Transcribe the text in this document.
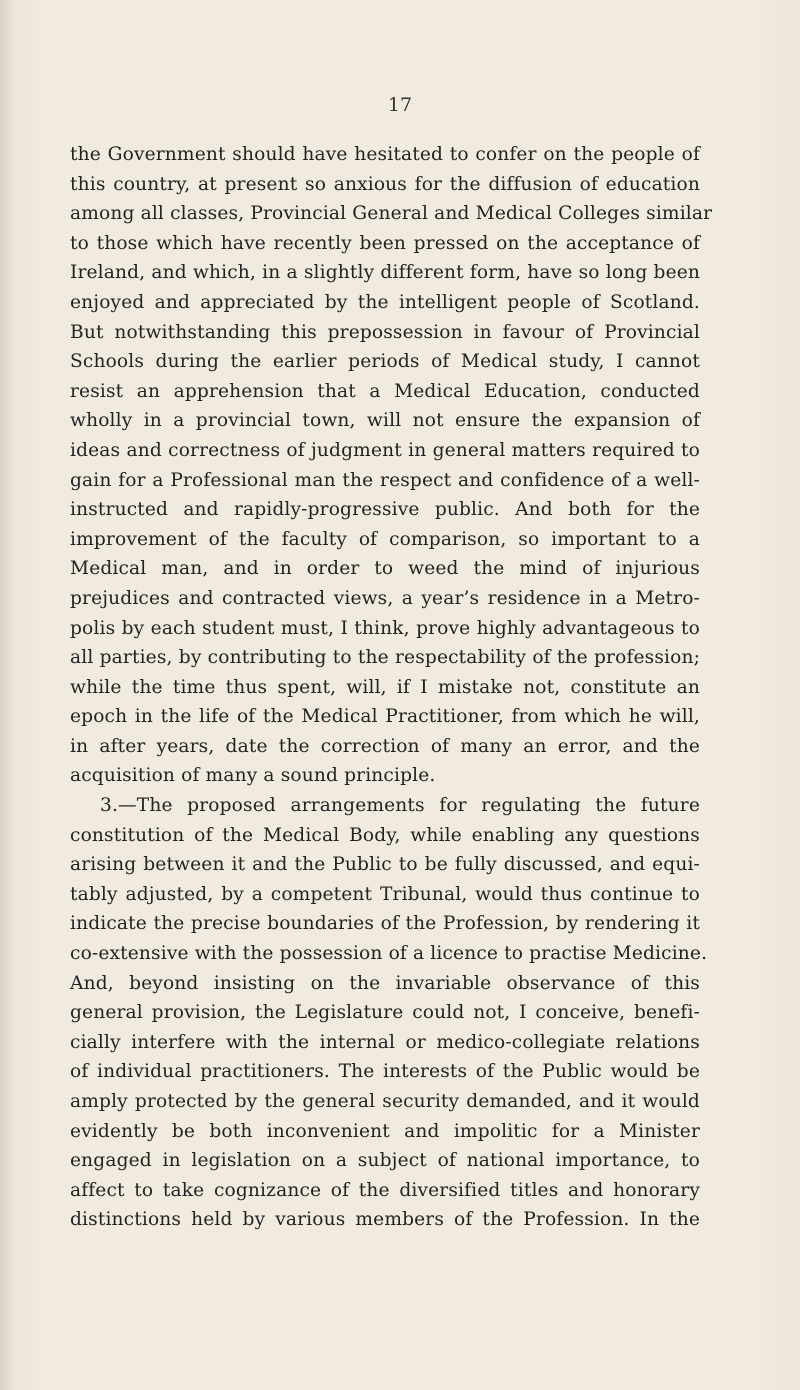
17
the Government should have hesitated to confer on the people of
this country, at present so anxious for the diffusion of education
among all classes, Provincial General and Medical Colleges similar
to those which have recently been pressed on the acceptance of
Ireland, and which, in a slightly different form, have so long been
enjoyed and appreciated by the intelligent people of Scotland.
But notwithstanding this prepossession in favour of Provincial
Schools during the earlier periods of Medical study, I cannot
resist an apprehension that a Medical Education, conducted
wholly in a provincial town, will not ensure the expansion of
ideas and correctness of judgment in general matters required to
gain for a Professional man the respect and confidence of a well-
instructed and rapidly-progressive public. And both for the
improvement of the faculty of comparison, so important to a
Medical man, and in order to weed the mind of injurious
prejudices and contracted views, a year’s residence in a Metro-
polis by each student must, I think, prove highly advantageous to
all parties, by contributing to the respectability of the profession;
while the time thus spent, will, if I mistake not, constitute an
epoch in the life of the Medical Practitioner, from which he will,
in after years, date the correction of many an error, and the
acquisition of many a sound principle.
3.—The proposed arrangements for regulating the future
constitution of the Medical Body, while enabling any questions
arising between it and the Public to be fully discussed, and equi-
tably adjusted, by a competent Tribunal, would thus continue to
indicate the precise boundaries of the Profession, by rendering it
co-extensive with the possession of a licence to practise Medicine.
And, beyond insisting on the invariable observance of this
general provision, the Legislature could not, I conceive, benefi-
cially interfere with the internal or medico-collegiate relations
of individual practitioners. The interests of the Public would be
amply protected by the general security demanded, and it would
evidently be both inconvenient and impolitic for a Minister
engaged in legislation on a subject of national importance, to
affect to take cognizance of the diversified titles and honorary
distinctions held by various members of the Profession. In the
